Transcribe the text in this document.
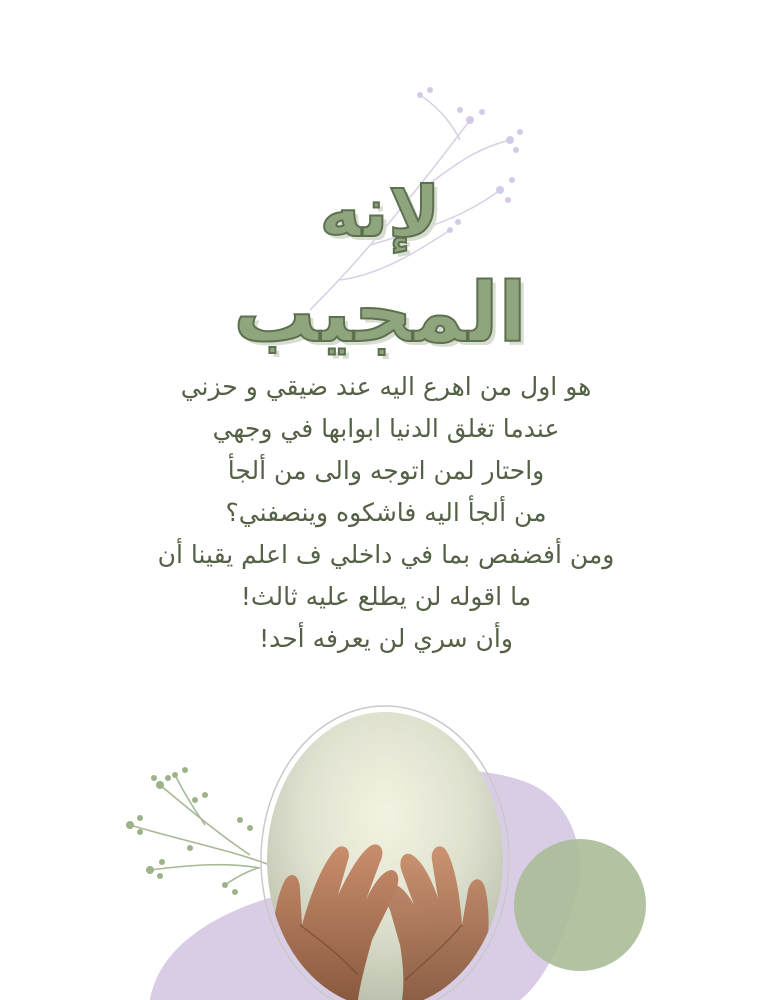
لإنه
المجيب
هو اول من اهرع اليه عند ضيقي و حزني
عندما تغلق الدنيا ابوابها في وجهي
واحتار لمن اتوجه والى من ألجأ
من ألجأ اليه فاشكوه وينصفني؟
ومن أفضفص بما في داخلي ف اعلم يقينا أن
ما اقوله لن يطلع عليه ثالث!
وأن سري لن يعرفه أحد!
